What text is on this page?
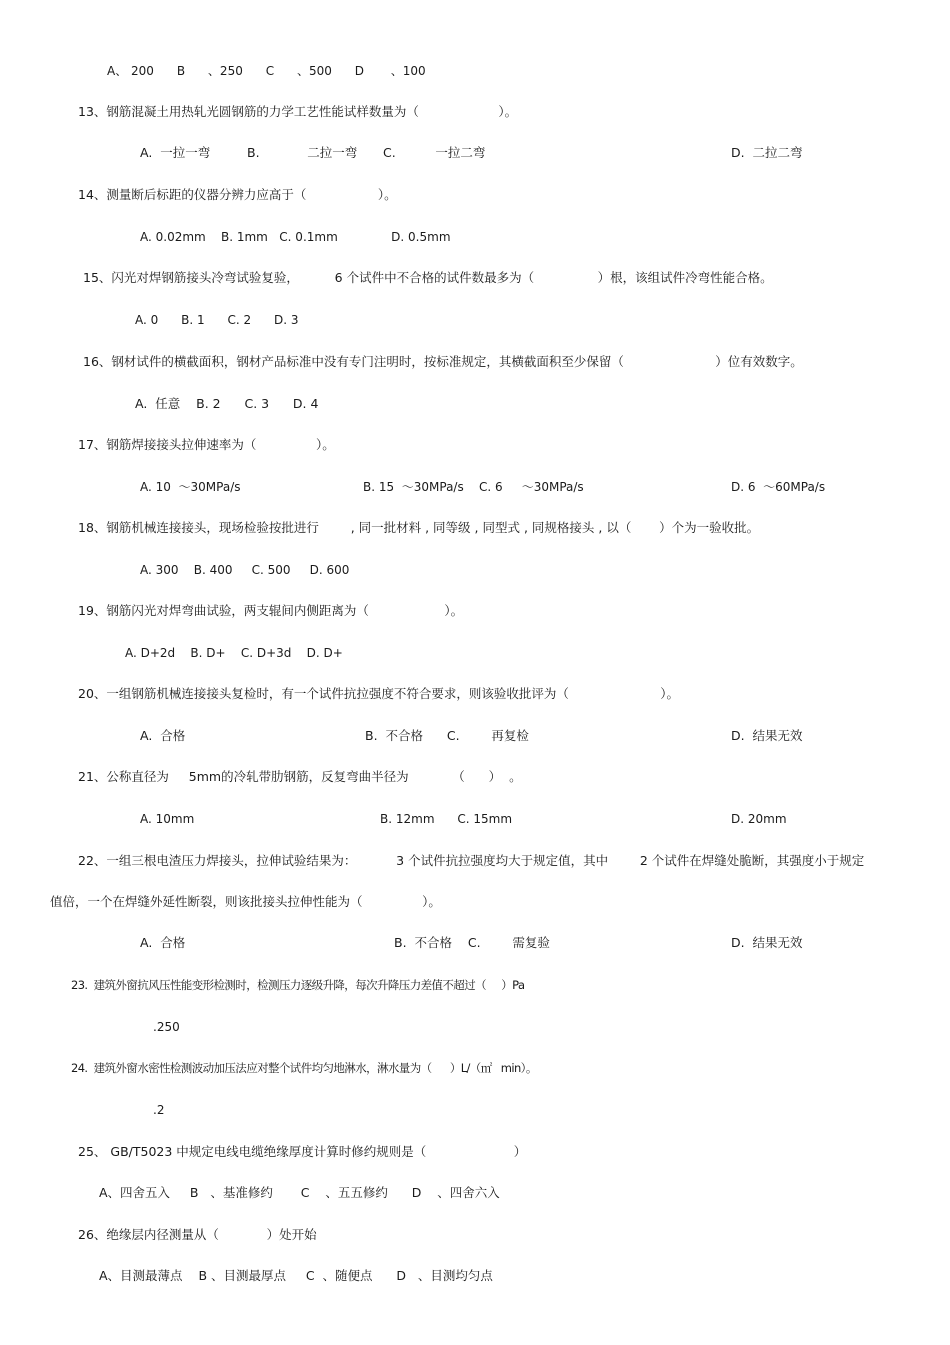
A、 200      B      、250      C      、500      D       、100
13、钢筋混凝土用热轧光圆钢筋的力学工艺性能试样数量为（                    ）。
A.  一拉一弯	B.            二拉一弯 C.          一拉二弯	D.  二拉二弯
14、测量断后标距的仪器分辨力应高于（                  ）。
A. 0.02mm    B. 1mm   C. 0.1mm              D. 0.5mm
15、闪光对焊钢筋接头冷弯试验复验，         6 个试件中不合格的试件数最多为（                ）根，该组试件冷弯性能合格。
A. 0      B. 1      C. 2      D. 3
16、钢材试件的横截面积，钢材产品标准中没有专门注明时，按标准规定，其横截面积至少保留（                       ）位有效数字。
A.  任意    B. 2      C. 3      D. 4
17、钢筋焊接接头拉伸速率为（               ）。
A. 10  ～30MPa/s	B. 15  ～30MPa/s    C. 6     ～30MPa/s	D. 6  ～60MPa/s
18、钢筋机械连接接头，现场检验按批进行        , 同一批材料 , 同等级 , 同型式 , 同规格接头 , 以（       ）个为一验收批。
A. 300    B. 400     C. 500     D. 600
19、钢筋闪光对焊弯曲试验，两支辊间内侧距离为（                   ）。
A. D+2d    B. D+    C. D+3d    D. D+
20、一组钢筋机械连接接头复检时，有一个试件抗拉强度不符合要求，则该验收批评为（                       ）。
A.  合格	B.  不合格      C.        再复检	D.  结果无效
21、公称直径为     5mm的冷轧带肋钢筋，反复弯曲半径为           （      ）  。
A. 10mm	B. 12mm      C. 15mm	D. 20mm
22、一组三根电渣压力焊接头，拉伸试验结果为：          3 个试件抗拉强度均大于规定值，其中        2 个试件在焊缝处脆断，其强度小于规定
值倍，一个在焊缝外延性断裂，则该批接头拉伸性能为（               ）。
A.  合格	B.  不合格    C.        需复验	D.  结果无效
23.  建筑外窗抗风压性能变形检测时，检测压力逐级升降，每次升降压力差值不超过（     ）Pa
.250
24.  建筑外窗水密性检测波动加压法应对整个试件均匀地淋水，淋水量为（      ）L/（㎡   min）。
.2
25、 GB/T5023 中规定电线电缆绝缘厚度计算时修约规则是（                      ）
A、四舍五入     B   、基准修约       C    、五五修约      D    、四舍六入
26、绝缘层内径测量从（            ）处开始
A、目测最薄点    B 、目测最厚点     C  、随便点      D   、目测均匀点
